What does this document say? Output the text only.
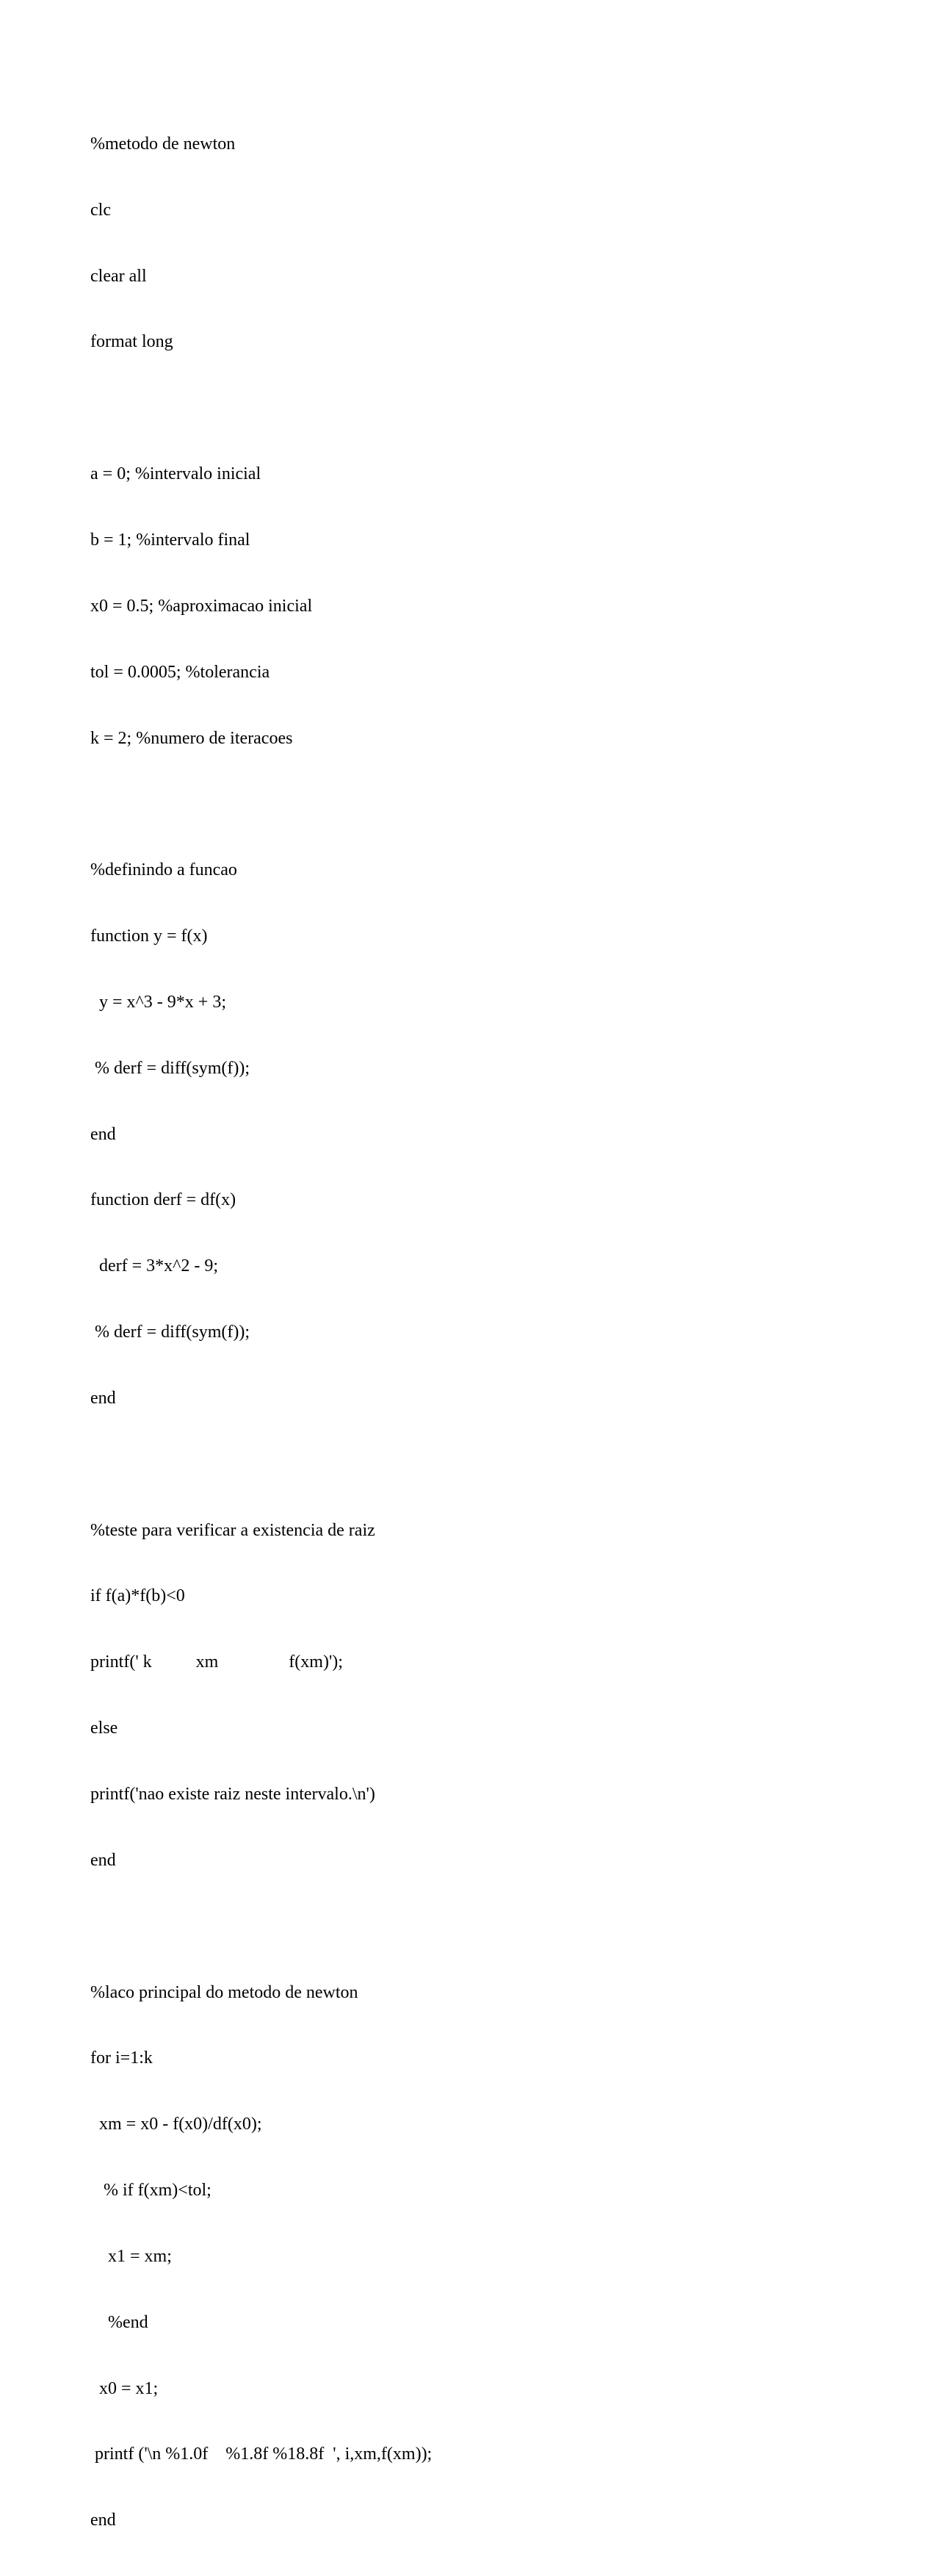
%metodo de newton

clc

clear all

format long

a = 0; %intervalo inicial

b = 1; %intervalo final

x0 = 0.5; %aproximacao inicial

tol = 0.0005; %tolerancia

k = 2; %numero de iteracoes

%definindo a funcao

function y = f(x)

y = x^3 - 9*x + 3;

% derf = diff(sym(f));

end

function derf = df(x)

derf = 3*x^2 - 9;

% derf = diff(sym(f));

end

%teste para verificar a existencia de raiz

if f(a)*f(b)<0

printf(' k          xm                f(xm)');

else

printf('nao existe raiz neste intervalo.\n')

end

%laco principal do metodo de newton

for i=1:k

xm = x0 - f(x0)/df(x0);

% if f(xm)<tol;

x1 = xm;

%end

x0 = x1;

printf ('\n %1.0f    %1.8f %18.8f  ', i,xm,f(xm));

end
